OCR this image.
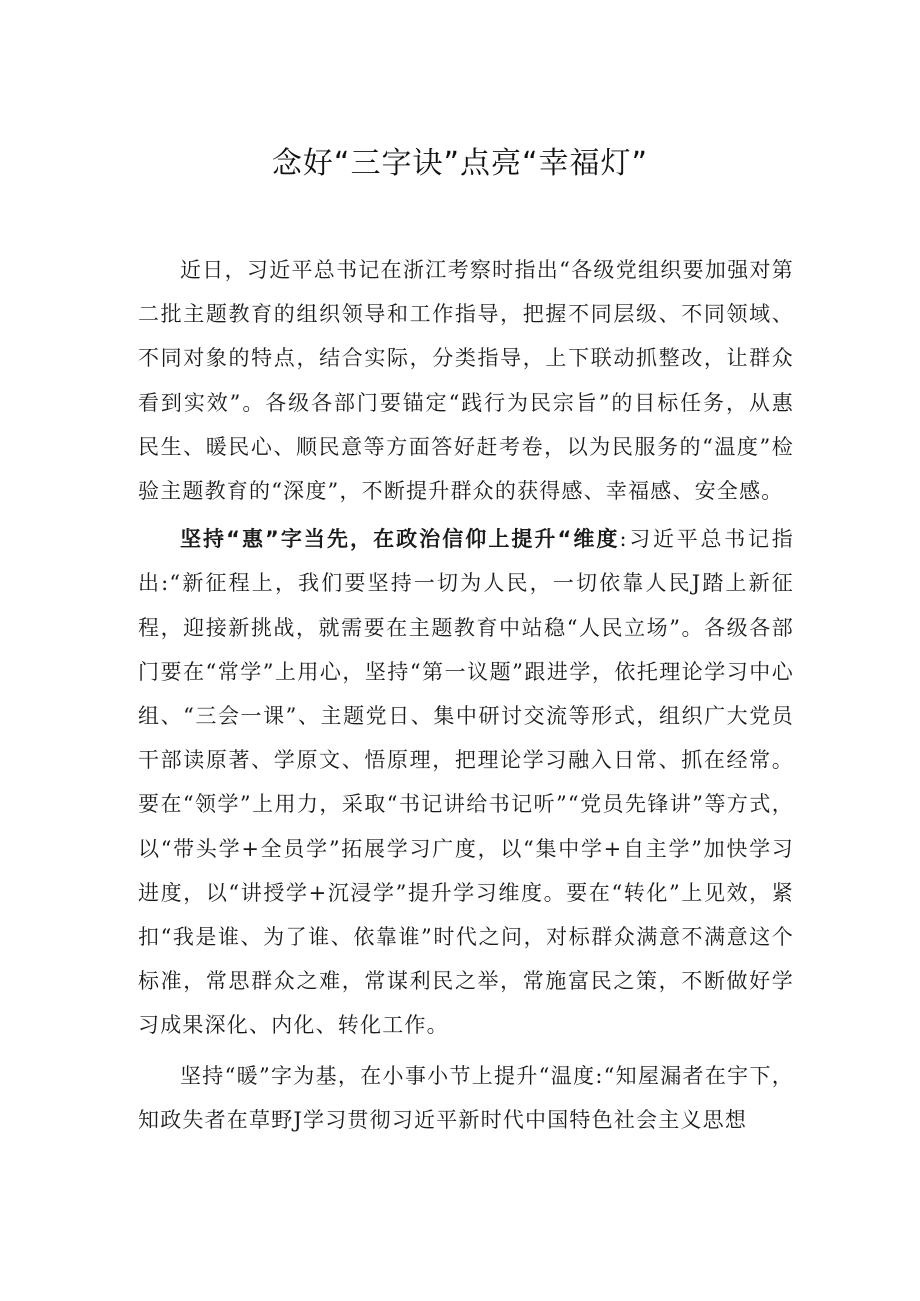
念好“三字诀”点亮“幸福灯”

近日，习近平总书记在浙江考察时指出“各级党组织要加强对第二批主题教育的组织领导和工作指导，把握不同层级、不同领域、不同对象的特点，结合实际，分类指导，上下联动抓整改，让群众看到实效”。各级各部门要锚定“践行为民宗旨”的目标任务，从惠民生、暖民心、顺民意等方面答好赶考卷，以为民服务的“温度”检验主题教育的“深度”，不断提升群众的获得感、幸福感、安全感。

坚持“惠”字当先，在政治信仰上提升“维度:习近平总书记指出:“新征程上，我们要坚持一切为人民，一切依靠人民J踏上新征程，迎接新挑战，就需要在主题教育中站稳“人民立场”。各级各部门要在“常学”上用心，坚持“第一议题”跟进学，依托理论学习中心组、“三会一课”、主题党日、集中研讨交流等形式，组织广大党员干部读原著、学原文、悟原理，把理论学习融入日常、抓在经常。要在“领学”上用力，采取“书记讲给书记听”“党员先锋讲”等方式，以“带头学+全员学”拓展学习广度，以“集中学+自主学”加快学习进度，以“讲授学+沉浸学”提升学习维度。要在“转化”上见效，紧扣“我是谁、为了谁、依靠谁”时代之问，对标群众满意不满意这个标准，常思群众之难，常谋利民之举，常施富民之策，不断做好学习成果深化、内化、转化工作。

坚持“暖”字为基，在小事小节上提升“温度:“知屋漏者在宇下，知政失者在草野J学习贯彻习近平新时代中国特色社会主义思想
